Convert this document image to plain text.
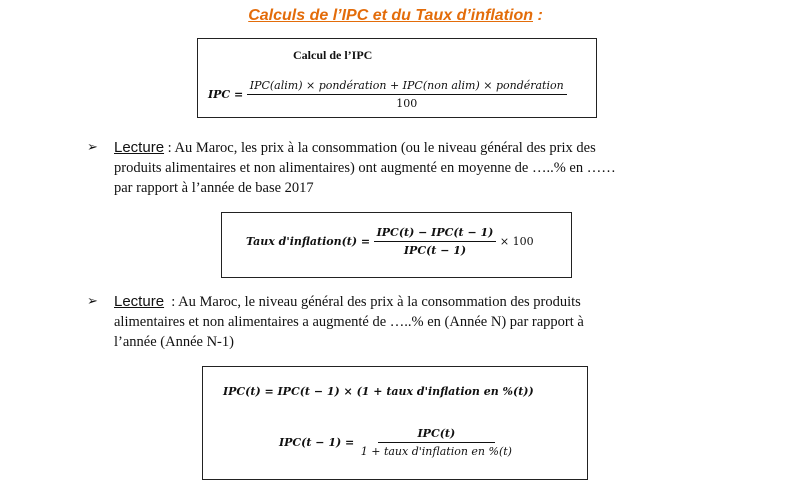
Calculs de l’IPC et du Taux d’inflation :
Calcul de l’IPC
IPC = $\frac{\text{IPC(alim) × pondération + IPC(non alim) × pondération}}{100}$
➢	Lecture : Au Maroc, les prix à la consommation (ou le niveau général des prix des
produits alimentaires et non alimentaires) ont augmenté en moyenne de …..% en ……
par rapport à l’année de base 2017
Taux d'inflation(t) = $\frac{\text{IPC(t) − IPC(t − 1)}}{\text{IPC(t − 1)}} \times 100$
➢	Lecture  : Au Maroc, le niveau général des prix à la consommation des produits
alimentaires et non alimentaires a augmenté de …..% en (Année N) par rapport à
l’année (Année N-1)
IPC(t) = IPC(t − 1) × (1 + taux d'inflation en %(t))
$IPC(t - 1) = \frac{\text{IPC(t)}}{\text{1 + taux d'inflation en \%(t)}}$
